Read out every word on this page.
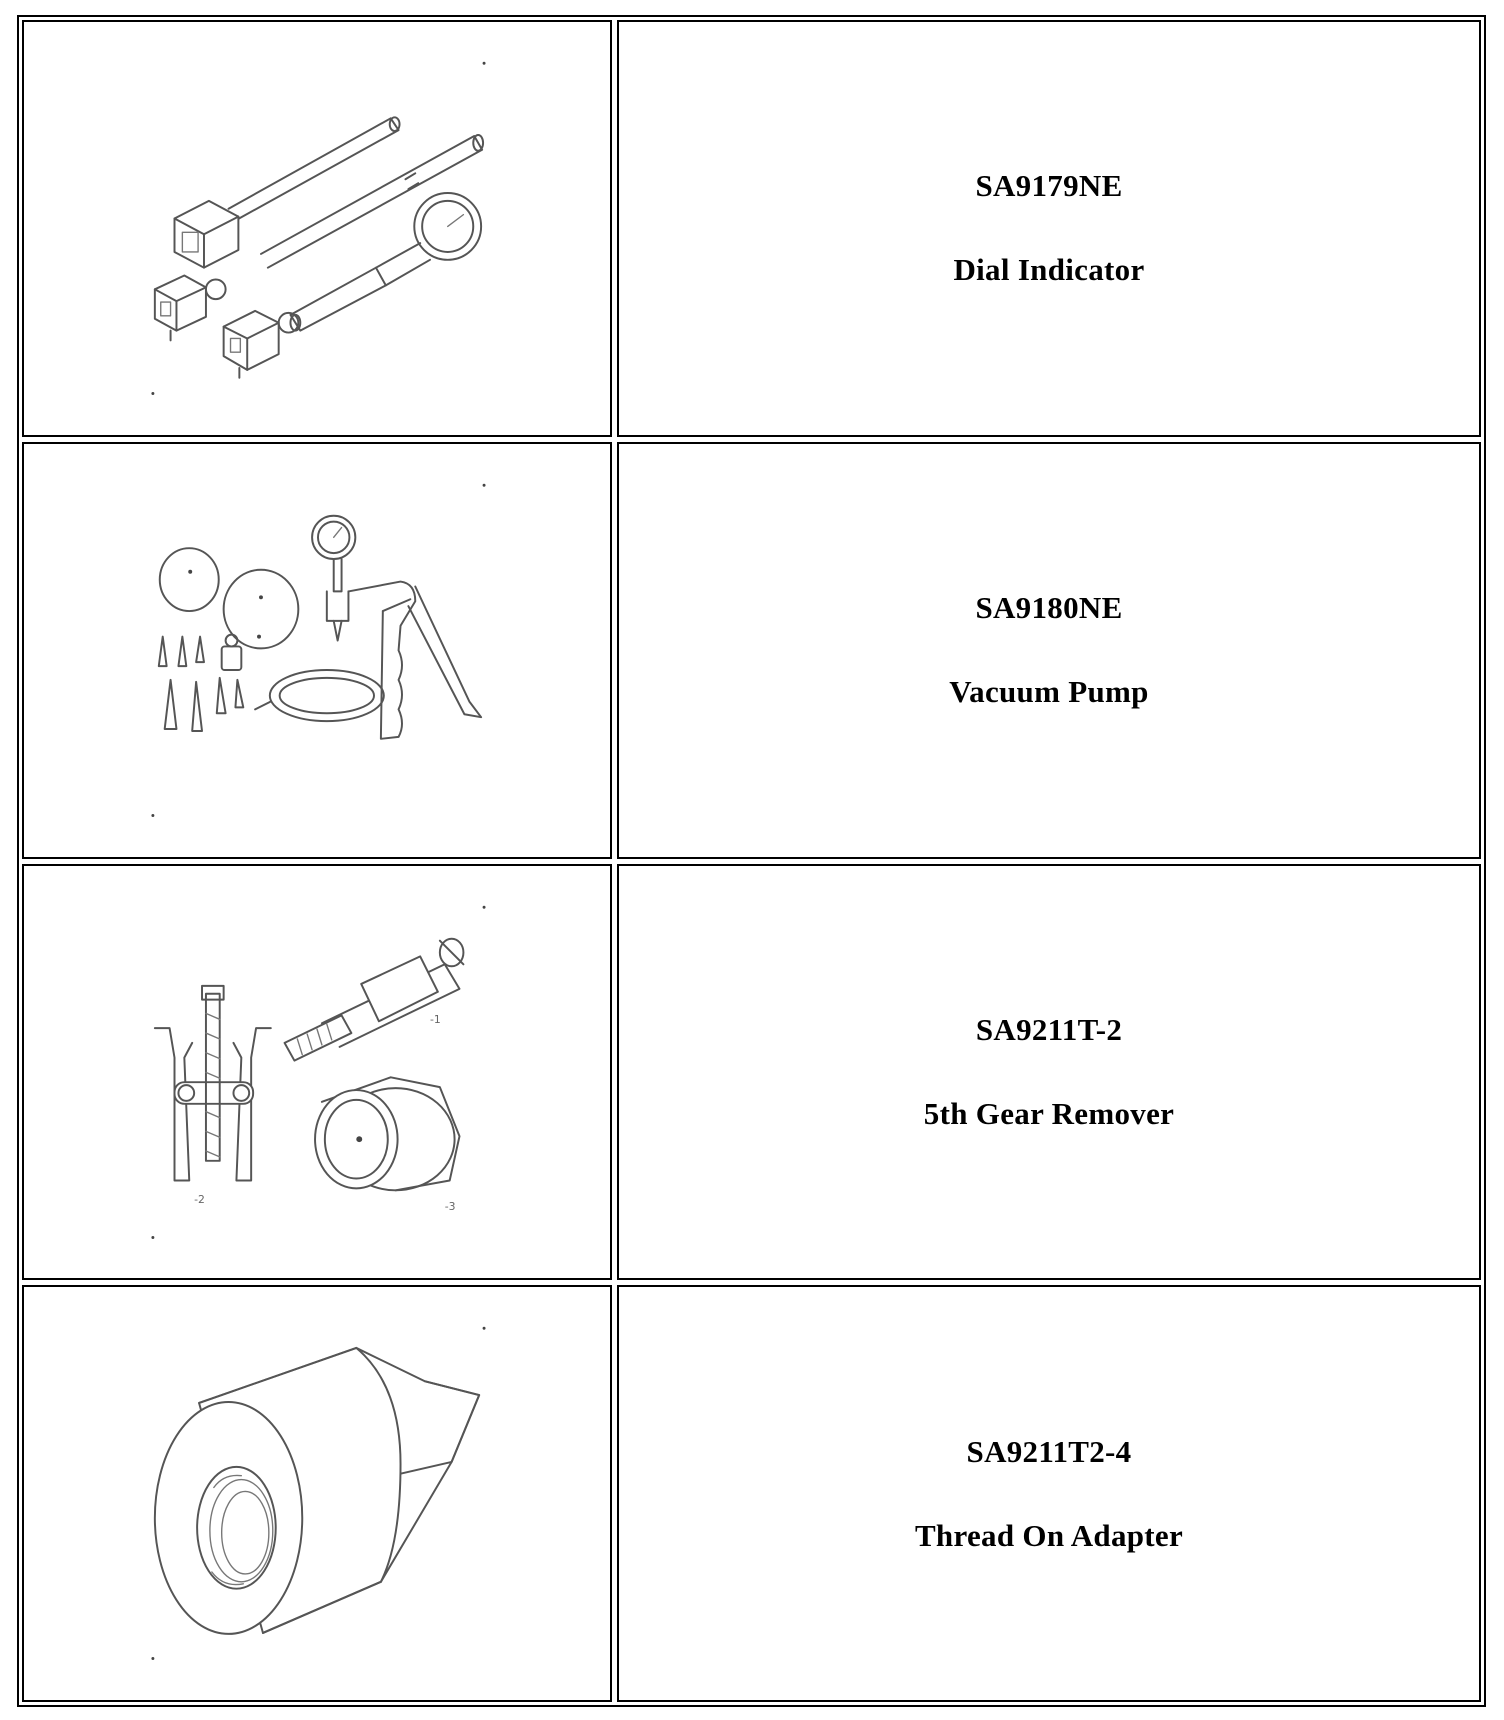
SA9179NE

Dial Indicator

SA9180NE

Vacuum Pump

-1
-2
-3

SA9211T-2

5th Gear Remover

SA9211T2-4

Thread On Adapter
